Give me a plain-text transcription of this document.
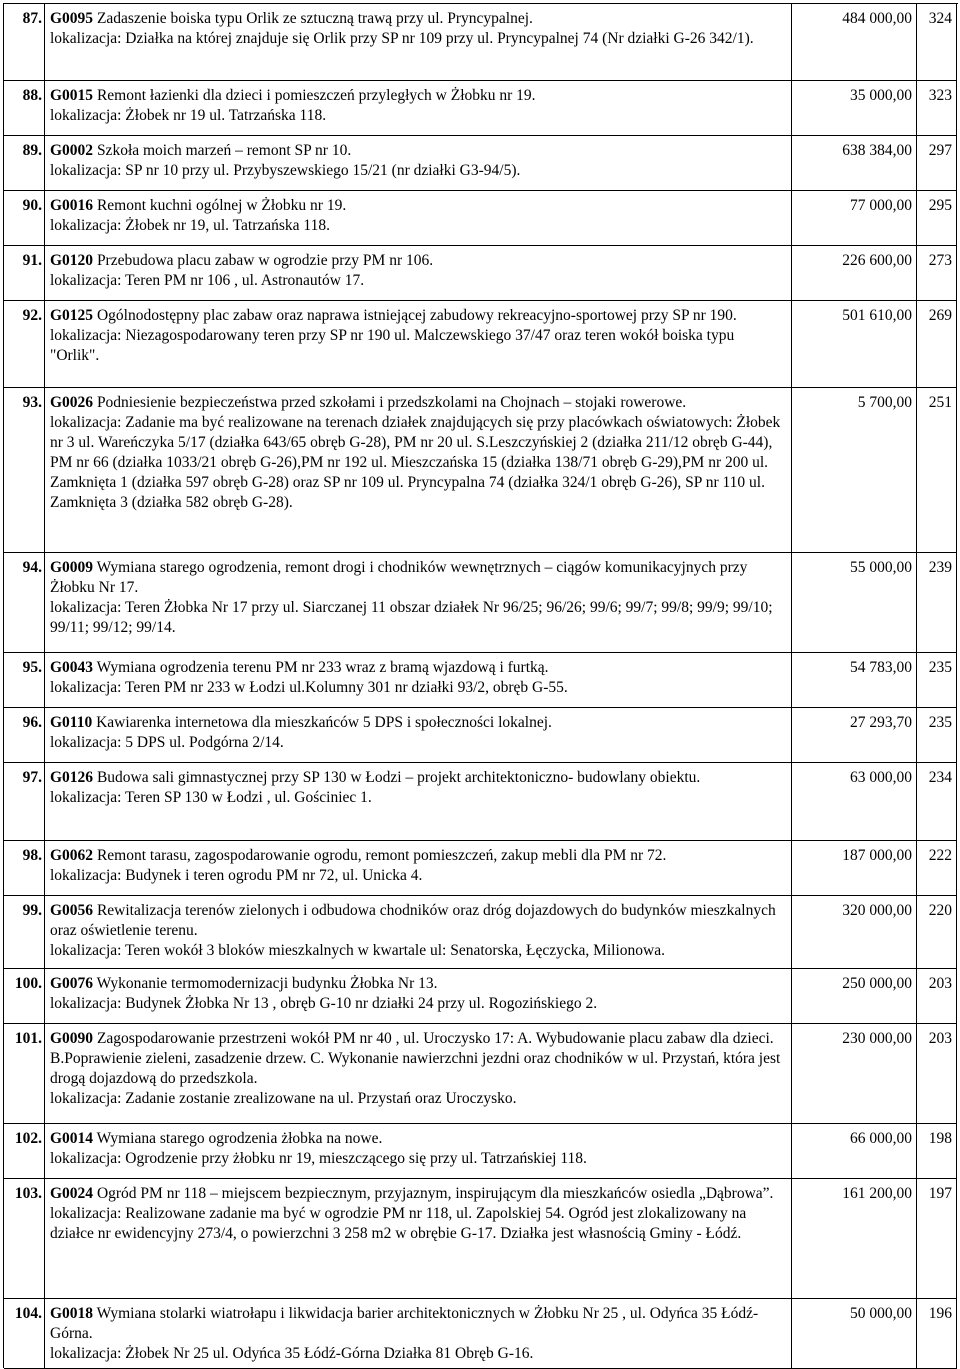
87. G0095 Zadaszenie boiska typu Orlik ze sztuczną trawą przy ul. Pryncypalnej.

lokalizacja: Działka na której znajduje się Orlik przy SP nr 109 przy ul. Pryncypalnej 74 (Nr działki G-26 342/1).

484 000,00 324
88. G0015 Remont łazienki dla dzieci i pomieszczeń przyległych w Żłobku nr 19.

lokalizacja: Żłobek nr 19 ul. Tatrzańska 118.

35 000,00 323
89. G0002 Szkoła moich marzeń – remont SP nr 10.

lokalizacja: SP nr 10 przy ul. Przybyszewskiego 15/21 (nr działki G3-94/5).

638 384,00 297
90. G0016 Remont kuchni ogólnej w Żłobku nr 19.

lokalizacja: Żłobek nr 19, ul. Tatrzańska 118.

77 000,00 295
91. G0120 Przebudowa placu zabaw w ogrodzie przy PM nr 106.

lokalizacja: Teren PM nr 106 , ul. Astronautów 17.

226 600,00 273
92. G0125 Ogólnodostępny plac zabaw oraz naprawa istniejącej zabudowy rekreacyjno-sportowej przy SP nr 190.

lokalizacja: Niezagospodarowany teren przy SP nr 190 ul. Malczewskiego 37/47 oraz teren wokół boiska typu "Orlik".

501 610,00 269
93. G0026 Podniesienie bezpieczeństwa przed szkołami i przedszkolami na Chojnach – stojaki rowerowe.

lokalizacja: Zadanie ma być realizowane na terenach działek znajdujących się przy placówkach oświatowych: Żłobek nr 3 ul. Wareńczyka 5/17 (działka 643/65 obręb G-28), PM nr 20 ul. S.Leszczyńskiej 2 (działka 211/12 obręb G-44), PM nr 66 (działka 1033/21 obręb G-26),PM nr 192 ul. Mieszczańska 15 (działka 138/71 obręb G-29),PM nr 200 ul. Zamknięta 1 (działka 597 obręb G-28) oraz SP nr 109 ul. Pryncypalna 74 (działka 324/1 obręb G-26), SP nr 110 ul. Zamknięta 3 (działka 582 obręb G-28).

5 700,00 251
94. G0009 Wymiana starego ogrodzenia, remont drogi i chodników wewnętrznych – ciągów komunikacyjnych przy Żłobku Nr 17.

lokalizacja: Teren Żłobka Nr 17 przy ul. Siarczanej 11 obszar działek Nr 96/25; 96/26; 99/6; 99/7; 99/8; 99/9; 99/10; 99/11; 99/12; 99/14.

55 000,00 239
95. G0043 Wymiana ogrodzenia terenu PM nr 233 wraz z bramą wjazdową i furtką.

lokalizacja: Teren PM nr 233 w Łodzi ul.Kolumny 301 nr działki 93/2, obręb G-55.

54 783,00 235
96. G0110 Kawiarenka internetowa dla mieszkańców 5 DPS i społeczności lokalnej.

lokalizacja: 5 DPS ul. Podgórna 2/14.

27 293,70 235
97. G0126 Budowa sali gimnastycznej przy SP 130 w Łodzi – projekt architektoniczno- budowlany obiektu.

lokalizacja: Teren SP 130 w Łodzi , ul. Gościniec 1.

63 000,00 234
98. G0062 Remont tarasu, zagospodarowanie ogrodu, remont pomieszczeń, zakup mebli dla PM nr 72.

lokalizacja: Budynek i teren ogrodu PM nr 72, ul. Unicka 4.

187 000,00 222
99. G0056 Rewitalizacja terenów zielonych i odbudowa chodników oraz dróg dojazdowych do budynków mieszkalnych oraz oświetlenie terenu.

lokalizacja: Teren wokół 3 bloków mieszkalnych w kwartale ul: Senatorska, Łęczycka, Milionowa.

320 000,00 220
100. G0076 Wykonanie termomodernizacji budynku Żłobka Nr 13.

lokalizacja: Budynek Żłobka Nr 13 , obręb G-10 nr działki 24 przy ul. Rogozińskiego 2.

250 000,00 203
101. G0090 Zagospodarowanie przestrzeni wokół PM nr 40 , ul. Uroczysko 17: A. Wybudowanie placu zabaw dla dzieci. B.Poprawienie zieleni, zasadzenie drzew. C. Wykonanie nawierzchni jezdni oraz chodników w ul. Przystań, która jest drogą dojazdową do przedszkola.

lokalizacja: Zadanie zostanie zrealizowane na ul. Przystań oraz Uroczysko.

230 000,00 203
102. G0014 Wymiana starego ogrodzenia żłobka na nowe.

lokalizacja: Ogrodzenie przy żłobku nr 19, mieszczącego się przy ul. Tatrzańskiej 118.

66 000,00 198
103. G0024 Ogród PM nr 118 – miejscem bezpiecznym, przyjaznym, inspirującym dla mieszkańców osiedla „Dąbrowa”.

lokalizacja: Realizowane zadanie ma być w ogrodzie PM nr 118, ul. Zapolskiej 54. Ogród jest zlokalizowany na działce nr ewidencyjny 273/4, o powierzchni 3 258 m2 w obrębie G-17. Działka jest własnością Gminy - Łódź.

161 200,00 197
104. G0018 Wymiana stolarki wiatrołapu i likwidacja barier architektonicznych w Żłobku Nr 25 , ul. Odyńca 35 Łódź-Górna.

lokalizacja: Żłobek Nr 25 ul. Odyńca 35 Łódź-Górna Działka 81 Obręb G-16.

50 000,00 196
